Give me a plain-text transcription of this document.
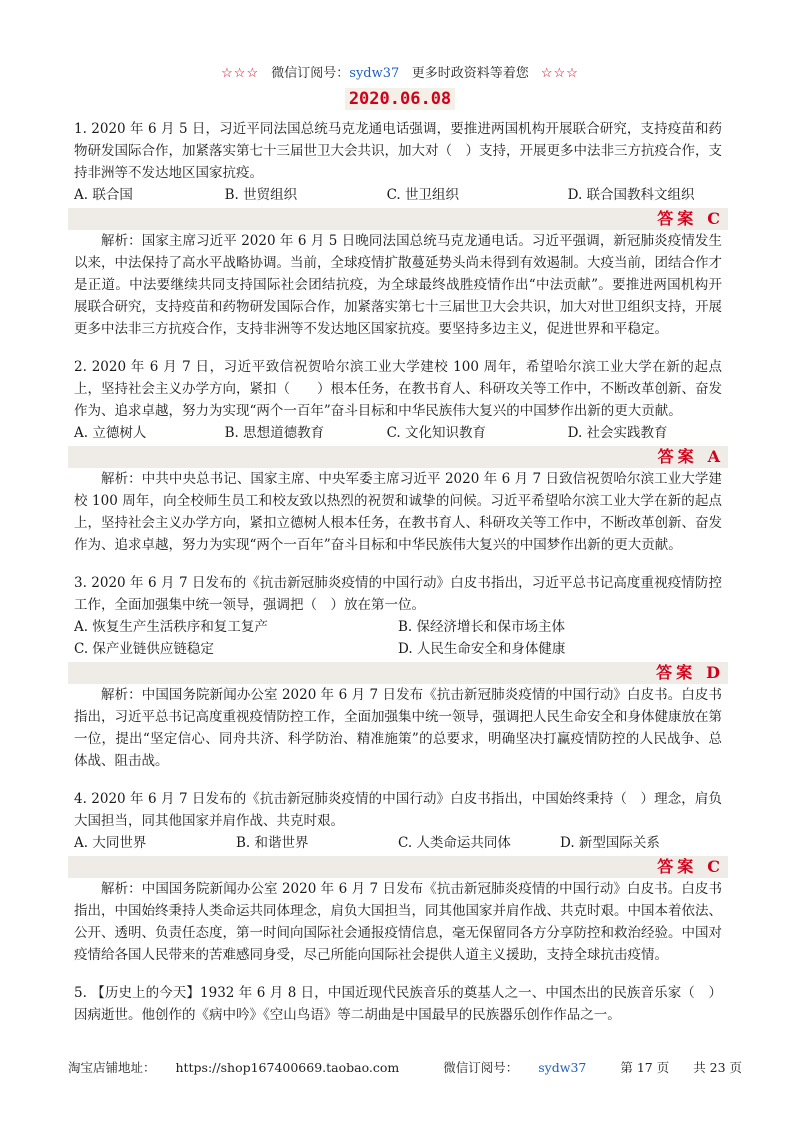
☆☆☆ 微信订阅号：sydw37 更多时政资料等着您 ☆☆☆
2020.06.08

1. 2020 年 6 月 5 日，习近平同法国总统马克龙通电话强调，要推进两国机构开展联合研究，支持疫苗和药物研发国际合作，加紧落实第七十三届世卫大会共识，加大对（　）支持，开展更多中法非三方抗疫合作，支持非洲等不发达地区国家抗疫。

A. 联合国	B. 世贸组织	C. 世卫组织	D. 联合国教科文组织
答案 C

解析：国家主席习近平 2020 年 6 月 5 日晚同法国总统马克龙通电话。习近平强调，新冠肺炎疫情发生以来，中法保持了高水平战略协调。当前，全球疫情扩散蔓延势头尚未得到有效遏制。大疫当前，团结合作才是正道。中法要继续共同支持国际社会团结抗疫，为全球最终战胜疫情作出“中法贡献”。要推进两国机构开展联合研究，支持疫苗和药物研发国际合作，加紧落实第七十三届世卫大会共识，加大对世卫组织支持，开展更多中法非三方抗疫合作，支持非洲等不发达地区国家抗疫。要坚持多边主义，促进世界和平稳定。

2. 2020 年 6 月 7 日，习近平致信祝贺哈尔滨工业大学建校 100 周年，希望哈尔滨工业大学在新的起点上，坚持社会主义办学方向，紧扣（　　）根本任务，在教书育人、科研攻关等工作中，不断改革创新、奋发作为、追求卓越，努力为实现“两个一百年”奋斗目标和中华民族伟大复兴的中国梦作出新的更大贡献。

A. 立德树人	B. 思想道德教育	C. 文化知识教育	D. 社会实践教育
答案 A

解析：中共中央总书记、国家主席、中央军委主席习近平 2020 年 6 月 7 日致信祝贺哈尔滨工业大学建校 100 周年，向全校师生员工和校友致以热烈的祝贺和诚挚的问候。习近平希望哈尔滨工业大学在新的起点上，坚持社会主义办学方向，紧扣立德树人根本任务，在教书育人、科研攻关等工作中，不断改革创新、奋发作为、追求卓越，努力为实现“两个一百年”奋斗目标和中华民族伟大复兴的中国梦作出新的更大贡献。

3. 2020 年 6 月 7 日发布的《抗击新冠肺炎疫情的中国行动》白皮书指出，习近平总书记高度重视疫情防控工作，全面加强集中统一领导，强调把（　）放在第一位。

A. 恢复生产生活秩序和复工复产	B. 保经济增长和保市场主体
C. 保产业链供应链稳定	D. 人民生命安全和身体健康
答案 D

解析：中国国务院新闻办公室 2020 年 6 月 7 日发布《抗击新冠肺炎疫情的中国行动》白皮书。白皮书指出，习近平总书记高度重视疫情防控工作，全面加强集中统一领导，强调把人民生命安全和身体健康放在第一位，提出“坚定信心、同舟共济、科学防治、精准施策”的总要求，明确坚决打赢疫情防控的人民战争、总体战、阻击战。

4. 2020 年 6 月 7 日发布的《抗击新冠肺炎疫情的中国行动》白皮书指出，中国始终秉持（　）理念，肩负大国担当，同其他国家并肩作战、共克时艰。

A. 大同世界	B. 和谐世界	C. 人类命运共同体	D. 新型国际关系
答案 C

解析：中国国务院新闻办公室 2020 年 6 月 7 日发布《抗击新冠肺炎疫情的中国行动》白皮书。白皮书指出，中国始终秉持人类命运共同体理念，肩负大国担当，同其他国家并肩作战、共克时艰。中国本着依法、公开、透明、负责任态度，第一时间向国际社会通报疫情信息，毫无保留同各方分享防控和救治经验。中国对疫情给各国人民带来的苦难感同身受，尽己所能向国际社会提供人道主义援助，支持全球抗击疫情。

5. 【历史上的今天】1932 年 6 月 8 日，中国近现代民族音乐的奠基人之一、中国杰出的民族音乐家（　）因病逝世。他创作的《病中吟》《空山鸟语》等二胡曲是中国最早的民族器乐创作作品之一。

淘宝店铺地址： https://shop167400669.taobao.com	微信订阅号： sydw37	第 17 页 共 23 页
